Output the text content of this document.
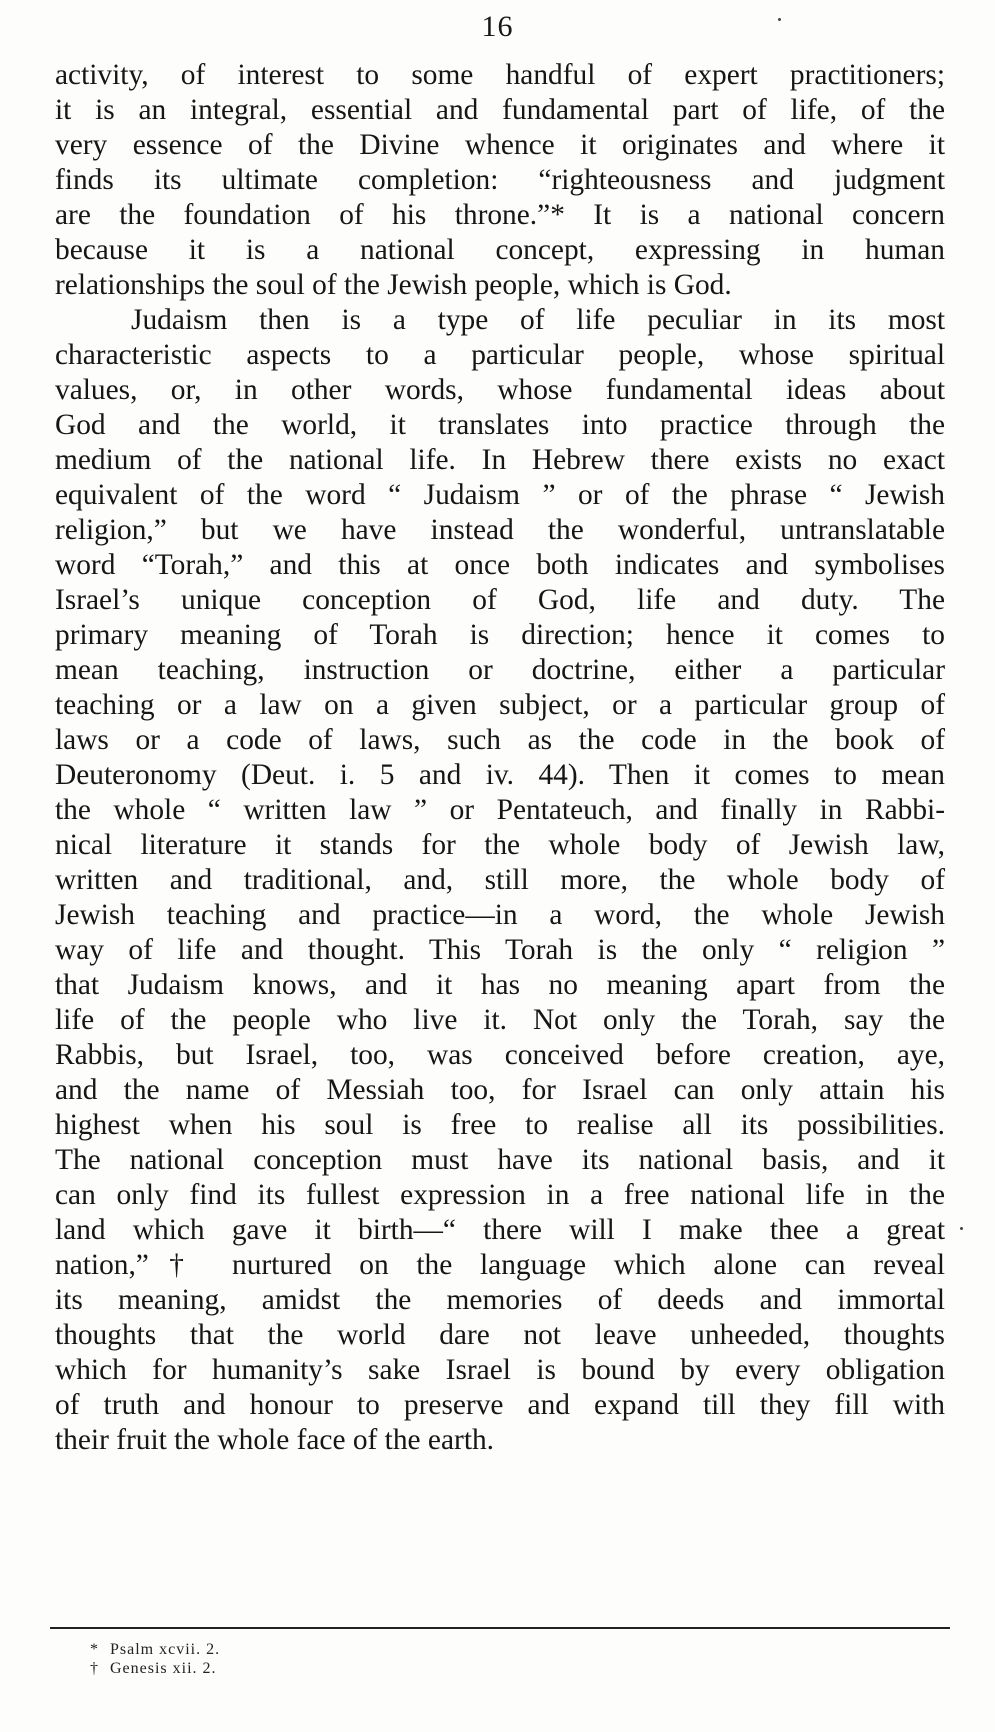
16
activity, of interest to some handful of expert practitioners;
it is an integral, essential and fundamental part of life, of the
very essence of the Divine whence it originates and where it
finds its ultimate completion: “righteousness and judgment
are the foundation of his throne.”* It is a national concern
because it is a national concept, expressing in human
relationships the soul of the Jewish people, which is God.
Judaism then is a type of life peculiar in its most
characteristic aspects to a particular people, whose spiritual
values, or, in other words, whose fundamental ideas about
God and the world, it translates into practice through the
medium of the national life. In Hebrew there exists no exact
equivalent of the word “ Judaism ” or of the phrase “ Jewish
religion,” but we have instead the wonderful, untranslatable
word “Torah,” and this at once both indicates and symbolises
Israel’s unique conception of God, life and duty. The
primary meaning of Torah is direction; hence it comes to
mean teaching, instruction or doctrine, either a particular
teaching or a law on a given subject, or a particular group of
laws or a code of laws, such as the code in the book of
Deuteronomy (Deut. i. 5 and iv. 44). Then it comes to mean
the whole “ written law ” or Pentateuch, and finally in Rabbi-
nical literature it stands for the whole body of Jewish law,
written and traditional, and, still more, the whole body of
Jewish teaching and practice—in a word, the whole Jewish
way of life and thought. This Torah is the only “ religion ”
that Judaism knows, and it has no meaning apart from the
life of the people who live it. Not only the Torah, say the
Rabbis, but Israel, too, was conceived before creation, aye,
and the name of Messiah too, for Israel can only attain his
highest when his soul is free to realise all its possibilities.
The national conception must have its national basis, and it
can only find its fullest expression in a free national life in the
land which gave it birth—“ there will I make thee a great
nation,”† nurtured on the language which alone can reveal
its meaning, amidst the memories of deeds and immortal
thoughts that the world dare not leave unheeded, thoughts
which for humanity’s sake Israel is bound by every obligation
of truth and honour to preserve and expand till they fill with
their fruit the whole face of the earth.
* Psalm xcvii. 2.
† Genesis xii. 2.
